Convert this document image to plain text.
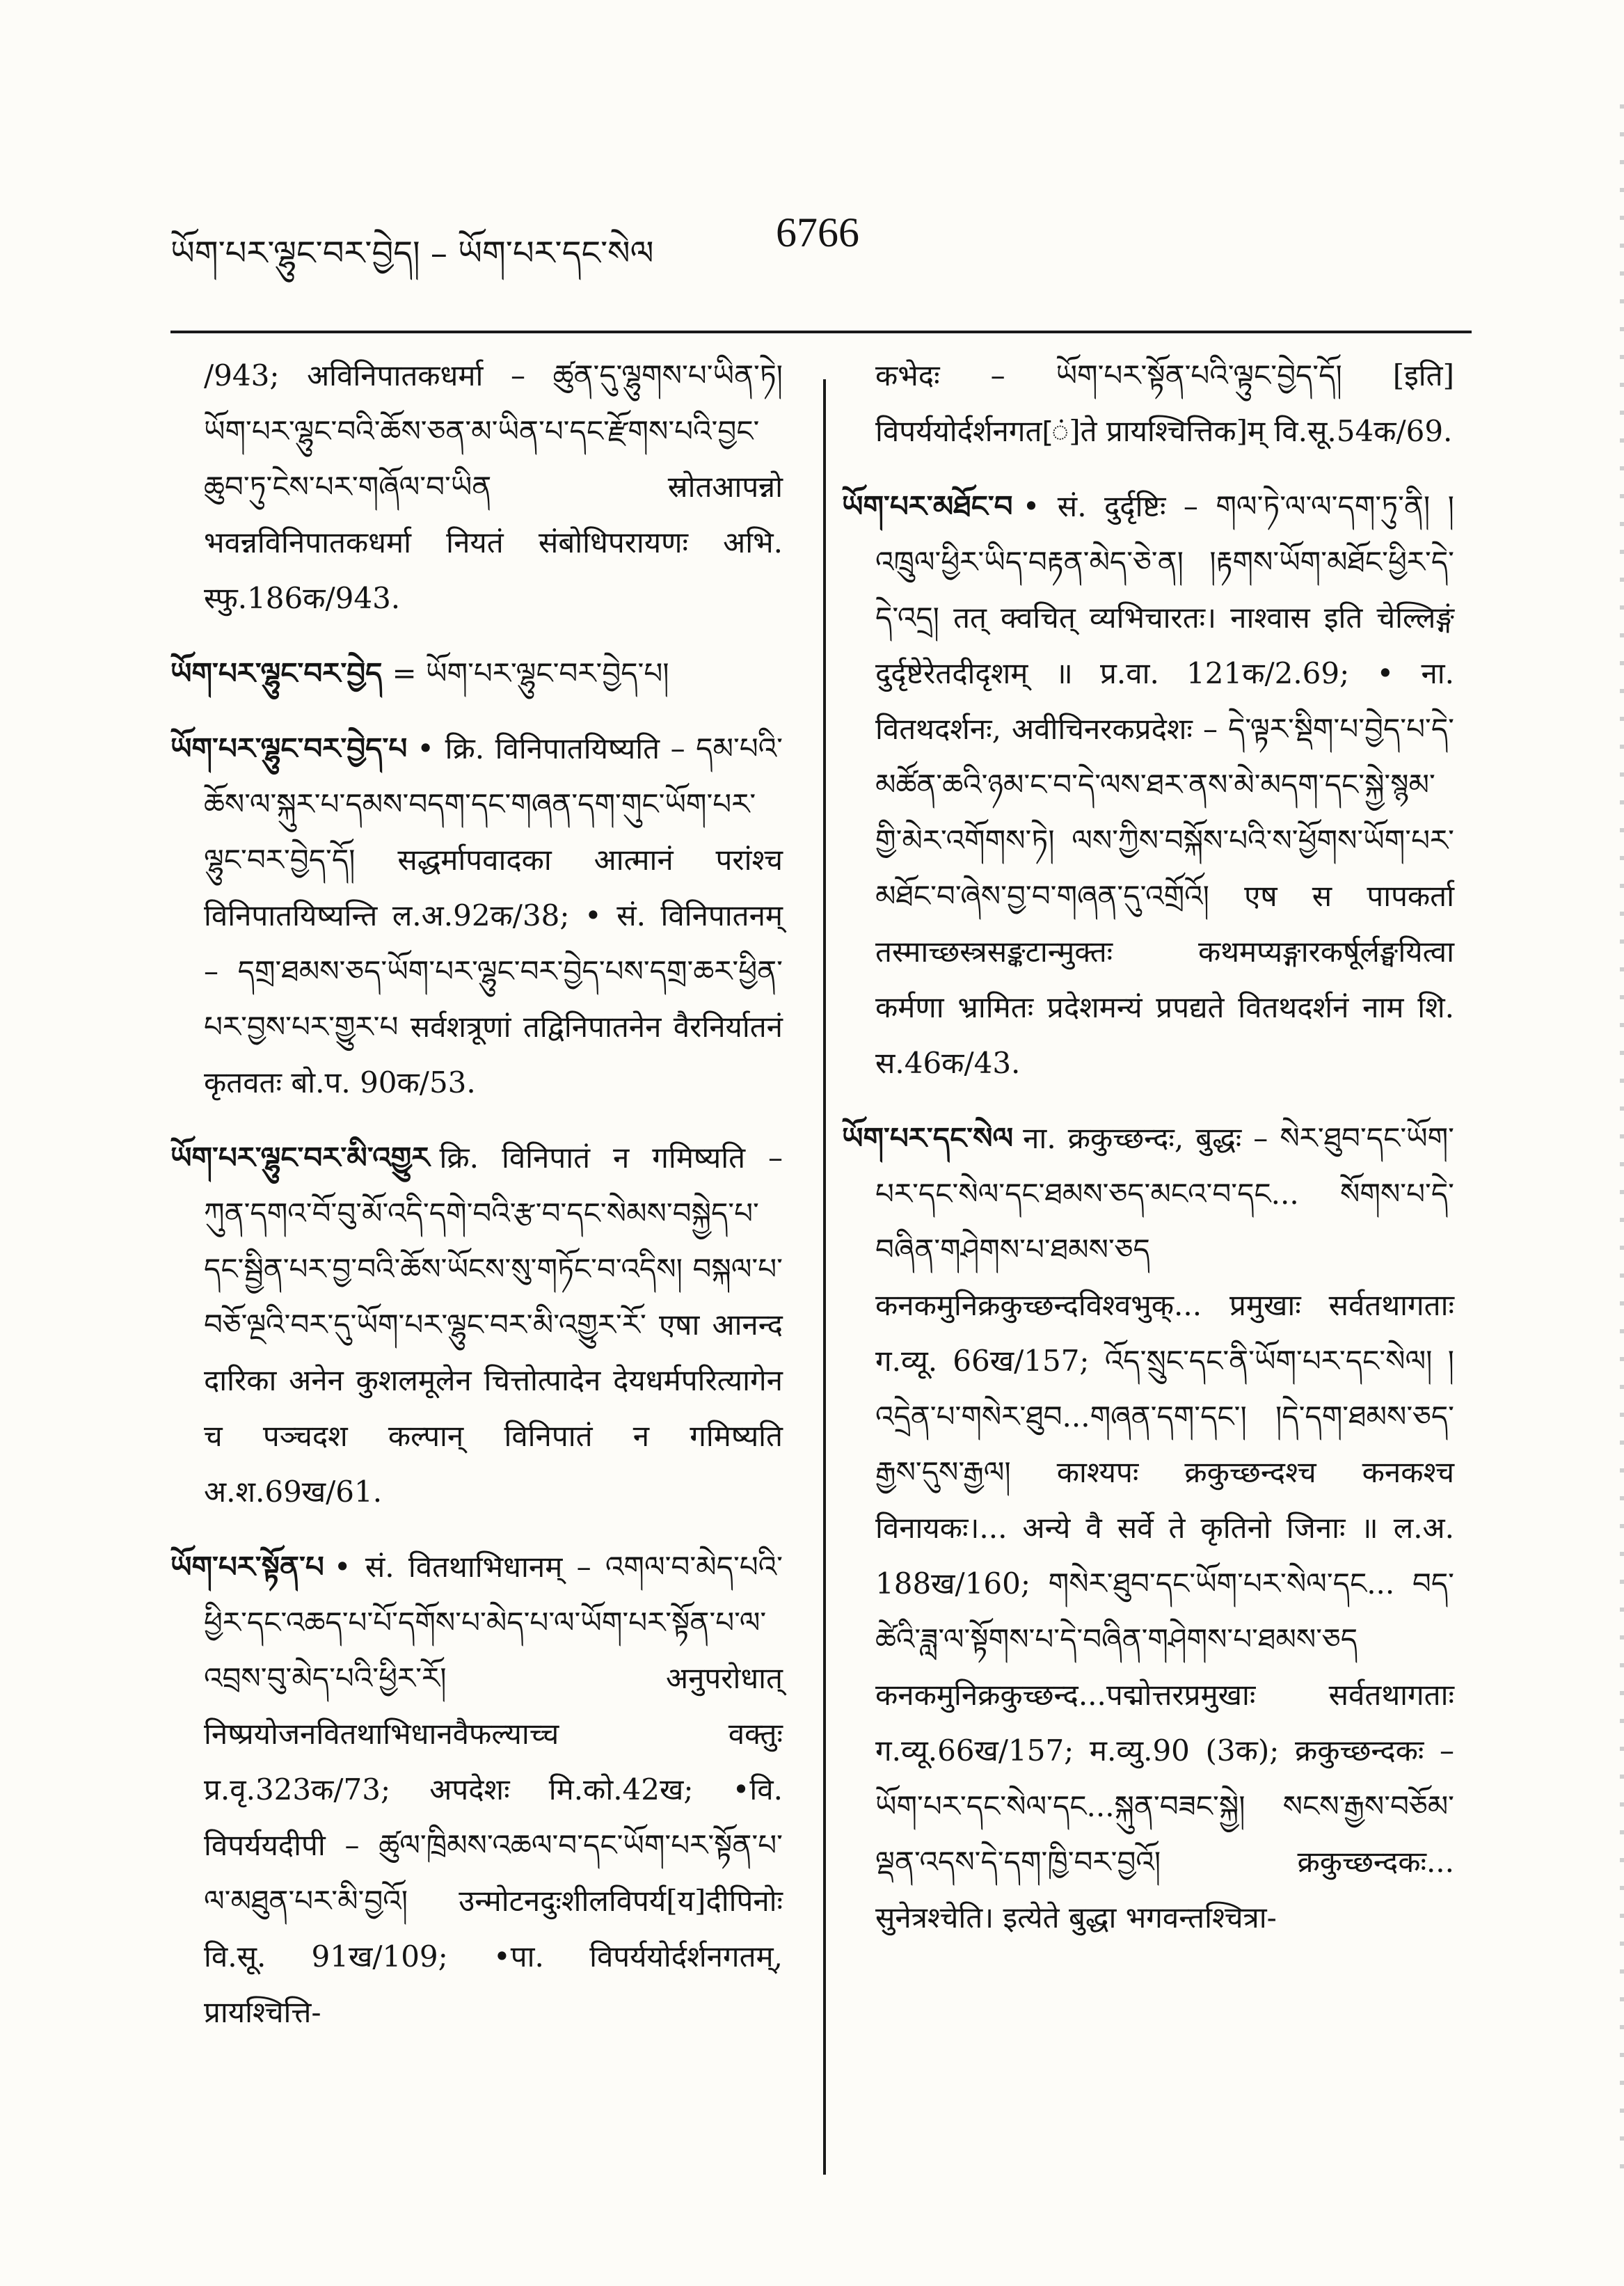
ཡོག་པར་ལྷུང་བར་བྱེད། – ཡོག་པར་དང་སེལ	6766

/943; अविनिपातकधर्मा – ཚུན་དུ་ལྷུགས་པ་ཡིན་ཏེ། ཡོག་པར་ལྷུང་བའི་ཆོས་ཅན་མ་ཡིན་པ་དང་རྫོགས་པའི་བྱང་ཆུབ་ཏུ་ངེས་པར་གཞོལ་བ་ཡིན स्रोतआपन्नो भवन्नविनिपातकधर्मा नियतं संबोधिपरायणः अभि. स्फु.186क/943.

ཡོག་པར་ལྷུང་བར་བྱེད = ཡོག་པར་ལྷུང་བར་བྱེད་པ།

ཡོག་པར་ལྷུང་བར་བྱེད་པ • क्रि. विनिपातयिष्यति – དམ་པའི་ཆོས་ལ་སྐུར་པ་དམས་བདག་དང་གཞན་དག་གུང་ཡོག་པར་ལྷུང་བར་བྱེད་དོ། सद्धर्मापवादका आत्मानं परांश्च विनिपातयिष्यन्ति ल.अ.92क/38; • सं. विनिपातनम् – དགྲ་ཐམས་ཅད་ཡོག་པར་ལྷུང་བར་བྱེད་པས་དགྲ་ཆར་ཕྱིན་པར་བྱས་པར་གྱུར་པ सर्वशत्रूणां तद्विनिपातनेन वैरनिर्यातनं कृतवतः बो.प. 90क/53.

ཡོག་པར་ལྷུང་བར་མི་འགྱུར क्रि. विनिपातं न गमिष्यति – ཀུན་དགའ་བོ་བུ་མོ་འདི་དགེ་བའི་རྩ་བ་དང་སེམས་བསྐྱེད་པ་དང་སྦྱིན་པར་བྱ་བའི་ཆོས་ཡོངས་སུ་གཏོང་བ་འདིས། བསྐལ་པ་བཅོ་ལྔའི་བར་དུ་ཡོག་པར་ལྷུང་བར་མི་འགྱུར་རོ་ एषा आनन्द दारिका अनेन कुशलमूलेन चित्तोत्पादेन देयधर्मपरित्यागेन च पञ्चदश कल्पान् विनिपातं न गमिष्यति अ.श.69ख/61.

ཡོག་པར་སྟོན་པ • सं. वितथाभिधानम् – འགལ་བ་མེད་པའི་ཕྱིར་དང་འཆད་པ་པོ་དགོས་པ་མེད་པ་ལ་ཡོག་པར་སྟོན་པ་ལ་འབྲས་བུ་མེད་པའི་ཕྱིར་རོ། अनुपरोधात् निष्प्रयोजनवितथाभिधानवैफल्याच्च वक्तुः प्र.वृ.323क/73; अपदेशः मि.को.42ख; •वि. विपर्ययदीपी – ཚུལ་ཁྲིམས་འཆལ་བ་དང་ཡོག་པར་སྟོན་པ་ལ་མཐུན་པར་མི་བྱའོ། उन्मोटनदुःशीलविपर्य[य]दीपिनोः वि.सू. 91ख/109; •पा. विपर्ययोर्दर्शनगतम्, प्रायश्चित्ति-

कभेदः – ཡོག་པར་སྟོན་པའི་ལྟུང་བྱེད་དོ། [इति] विपर्ययोर्दर्शनगत[ं]ते प्रायश्चित्तिक]म् वि.सू.54क/69.

ཡོག་པར་མཐོང་བ • सं. दुर्दृष्टिः – གལ་ཏེ་ལ་ལ་དག་ཏུ་ནི། །འཁྲུལ་ཕྱིར་ཡིད་བརྟན་མེད་ཅེ་ན། །རྟགས་ཡོག་མཐོང་ཕྱིར་དེ་དེ་འདྲ། तत् क्वचित् व्यभिचारतः। नाश्वास इति चेल्लिङ्गं दुर्दृष्टेरेतदीदृशम् ॥ प्र.वा. 121क/2.69; • ना. वितथदर्शनः, अवीचिनरकप्रदेशः – དེ་ལྟར་སྡིག་པ་བྱེད་པ་དེ་མཚོན་ཆའི་ཉམ་ང་བ་དེ་ལས་ཐར་ནས་མེ་མདག་དང་སྐྱེ་སྙམ་གྱི་མེར་འགོགས་ཏེ། ལས་ཀྱིས་བསྐོས་པའི་ས་ཕྱོགས་ཡོག་པར་མཐོང་བ་ཞེས་བྱ་བ་གཞན་དུ་འགྲོའོ། एष स पापकर्ता तस्माच्छस्त्रसङ्कटान्मुक्तः कथमप्यङ्गारकर्षूर्लङ्घयित्वा कर्मणा भ्रामितः प्रदेशमन्यं प्रपद्यते वितथदर्शनं नाम शि. स.46क/43.

ཡོག་པར་དང་སེལ ना. क्रकुच्छन्दः, बुद्धः – སེར་ཐུབ་དང་ཡོག་པར་དང་སེལ་དང་ཐམས་ཅད་མངའ་བ་དང... སོགས་པ་དེ་བཞིན་གཤེགས་པ་ཐམས་ཅད कनकमुनिक्रकुच्छन्दविश्वभुक्... प्रमुखाः सर्वतथागताः ग.व्यू. 66ख/157; འོད་སྲུང་དང་ནི་ཡོག་པར་དང་སེལ། །འདྲེན་པ་གསེར་ཐུབ...གཞན་དག་དང་། །དེ་དག་ཐམས་ཅད་རྒྱས་དུས་རྒྱལ། काश्यपः क्रकुच्छन्दश्च कनकश्च विनायकः।... अन्ये वै सर्वे ते कृतिनो जिनाः ॥ ल.अ. 188ख/160; གསེར་ཐུབ་དང་ཡོག་པར་སེལ་དང... བད་ཚེའི་ཟླ་ལ་སྟོགས་པ་དེ་བཞིན་གཤེགས་པ་ཐམས་ཅད कनकमुनिक्रकुच्छन्द...पद्मोत्तरप्रमुखाः सर्वतथागताः ग.व्यू.66ख/157; म.व्यु.90 (3क); क्रकुच्छन्दकः – ཡོག་པར་དང་སེལ་དང...སྐུན་བཟང་སྐྱེ། སངས་རྒྱས་བཅོམ་ལྡན་འདས་དེ་དག་ཁྱི་བར་བྱའོ། क्रकुच्छन्दकः... सुनेत्रश्चेति। इत्येते बुद्धा भगवन्तश्चित्रा-
